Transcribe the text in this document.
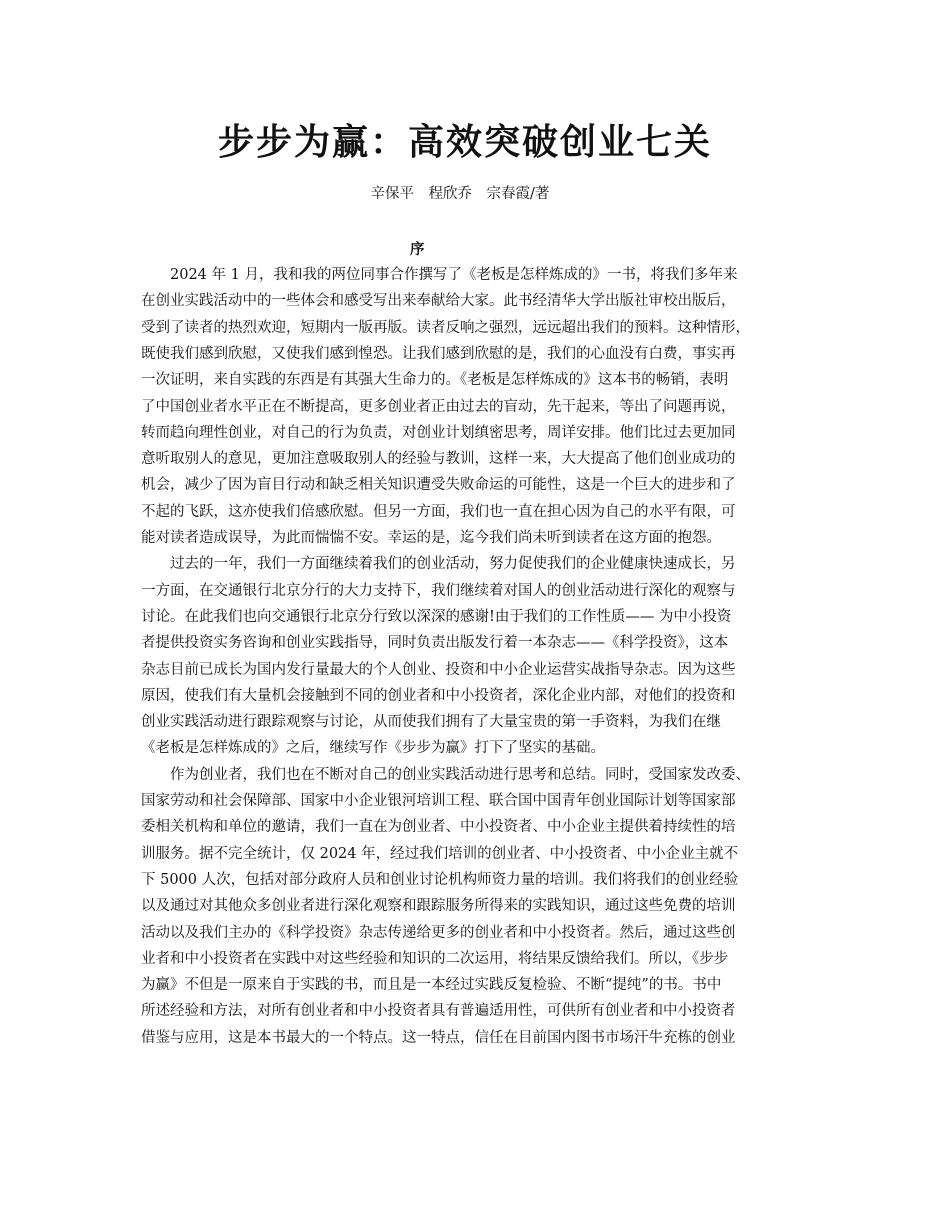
步步为赢：高效突破创业七关
辛保平　程欣乔　宗春霞/著
序
　　2024 年 1 月，我和我的两位同事合作撰写了《老板是怎样炼成的》一书，将我们多年来
在创业实践活动中的一些体会和感受写出来奉献给大家。此书经清华大学出版社审校出版后，
受到了读者的热烈欢迎，短期内一版再版。读者反响之强烈，远远超出我们的预料。这种情形，
既使我们感到欣慰，又使我们感到惶恐。让我们感到欣慰的是，我们的心血没有白费，事实再
一次证明，来自实践的东西是有其强大生命力的。《老板是怎样炼成的》这本书的畅销，表明
了中国创业者水平正在不断提高，更多创业者正由过去的盲动，先干起来，等出了问题再说，
转而趋向理性创业，对自己的行为负责，对创业计划缜密思考，周详安排。他们比过去更加同
意听取别人的意见，更加注意吸取别人的经验与教训，这样一来，大大提高了他们创业成功的
机会，减少了因为盲目行动和缺乏相关知识遭受失败命运的可能性，这是一个巨大的进步和了
不起的飞跃，这亦使我们倍感欣慰。但另一方面，我们也一直在担心因为自己的水平有限，可
能对读者造成误导，为此而惴惴不安。幸运的是，迄今我们尚未听到读者在这方面的抱怨。
　　过去的一年，我们一方面继续着我们的创业活动，努力促使我们的企业健康快速成长，另
一方面，在交通银行北京分行的大力支持下，我们继续着对国人的创业活动进行深化的观察与
讨论。在此我们也向交通银行北京分行致以深深的感谢!由于我们的工作性质—— 为中小投资
者提供投资实务咨询和创业实践指导，同时负责出版发行着一本杂志——《科学投资》，这本
杂志目前已成长为国内发行量最大的个人创业、投资和中小企业运营实战指导杂志。因为这些
原因，使我们有大量机会接触到不同的创业者和中小投资者，深化企业内部，对他们的投资和
创业实践活动进行跟踪观察与讨论，从而使我们拥有了大量宝贵的第一手资料，为我们在继
《老板是怎样炼成的》之后，继续写作《步步为赢》打下了坚实的基础。
　　作为创业者，我们也在不断对自己的创业实践活动进行思考和总结。同时，受国家发改委、
国家劳动和社会保障部、国家中小企业银河培训工程、联合国中国青年创业国际计划等国家部
委相关机构和单位的邀请，我们一直在为创业者、中小投资者、中小企业主提供着持续性的培
训服务。据不完全统计，仅 2024 年，经过我们培训的创业者、中小投资者、中小企业主就不
下 5000 人次，包括对部分政府人员和创业讨论机构师资力量的培训。我们将我们的创业经验
以及通过对其他众多创业者进行深化观察和跟踪服务所得来的实践知识，通过这些免费的培训
活动以及我们主办的《科学投资》杂志传递给更多的创业者和中小投资者。然后，通过这些创
业者和中小投资者在实践中对这些经验和知识的二次运用，将结果反馈给我们。所以，《步步
为赢》不但是一原来自于实践的书，而且是一本经过实践反复检验、不断“提纯”的书。书中
所述经验和方法，对所有创业者和中小投资者具有普遍适用性，可供所有创业者和中小投资者
借鉴与应用，这是本书最大的一个特点。这一特点，信任在目前国内图书市场汗牛充栋的创业
